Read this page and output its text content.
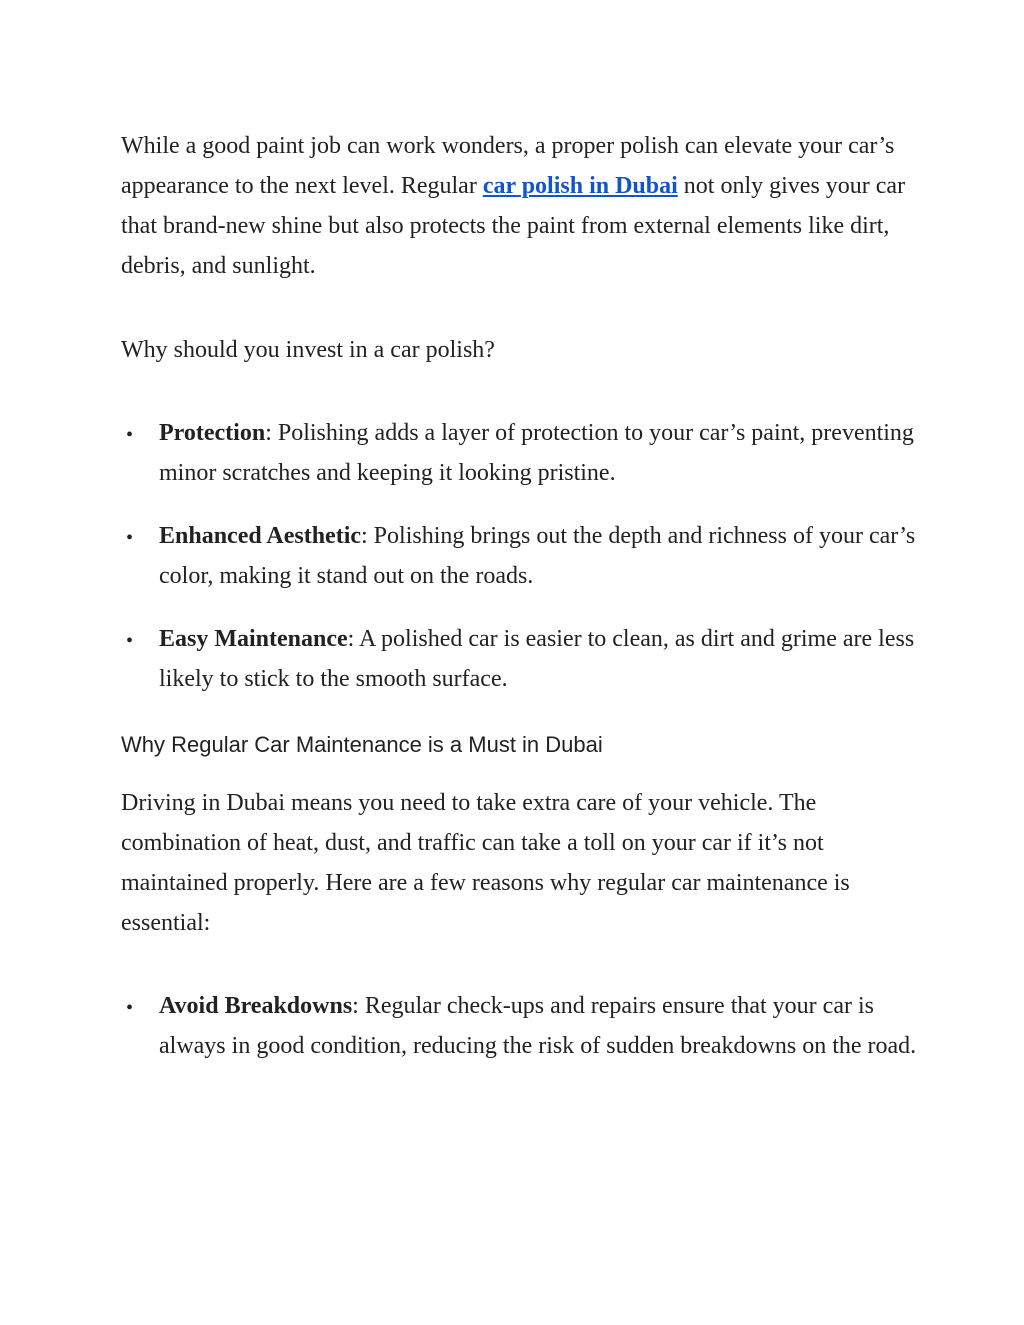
While a good paint job can work wonders, a proper polish can elevate your car’s appearance to the next level. Regular car polish in Dubai not only gives your car that brand-new shine but also protects the paint from external elements like dirt, debris, and sunlight.

Why should you invest in a car polish?

• Protection: Polishing adds a layer of protection to your car’s paint, preventing minor scratches and keeping it looking pristine.

• Enhanced Aesthetic: Polishing brings out the depth and richness of your car’s color, making it stand out on the roads.

• Easy Maintenance: A polished car is easier to clean, as dirt and grime are less likely to stick to the smooth surface.

Why Regular Car Maintenance is a Must in Dubai

Driving in Dubai means you need to take extra care of your vehicle. The combination of heat, dust, and traffic can take a toll on your car if it’s not maintained properly. Here are a few reasons why regular car maintenance is essential:

• Avoid Breakdowns: Regular check-ups and repairs ensure that your car is always in good condition, reducing the risk of sudden breakdowns on the road.
